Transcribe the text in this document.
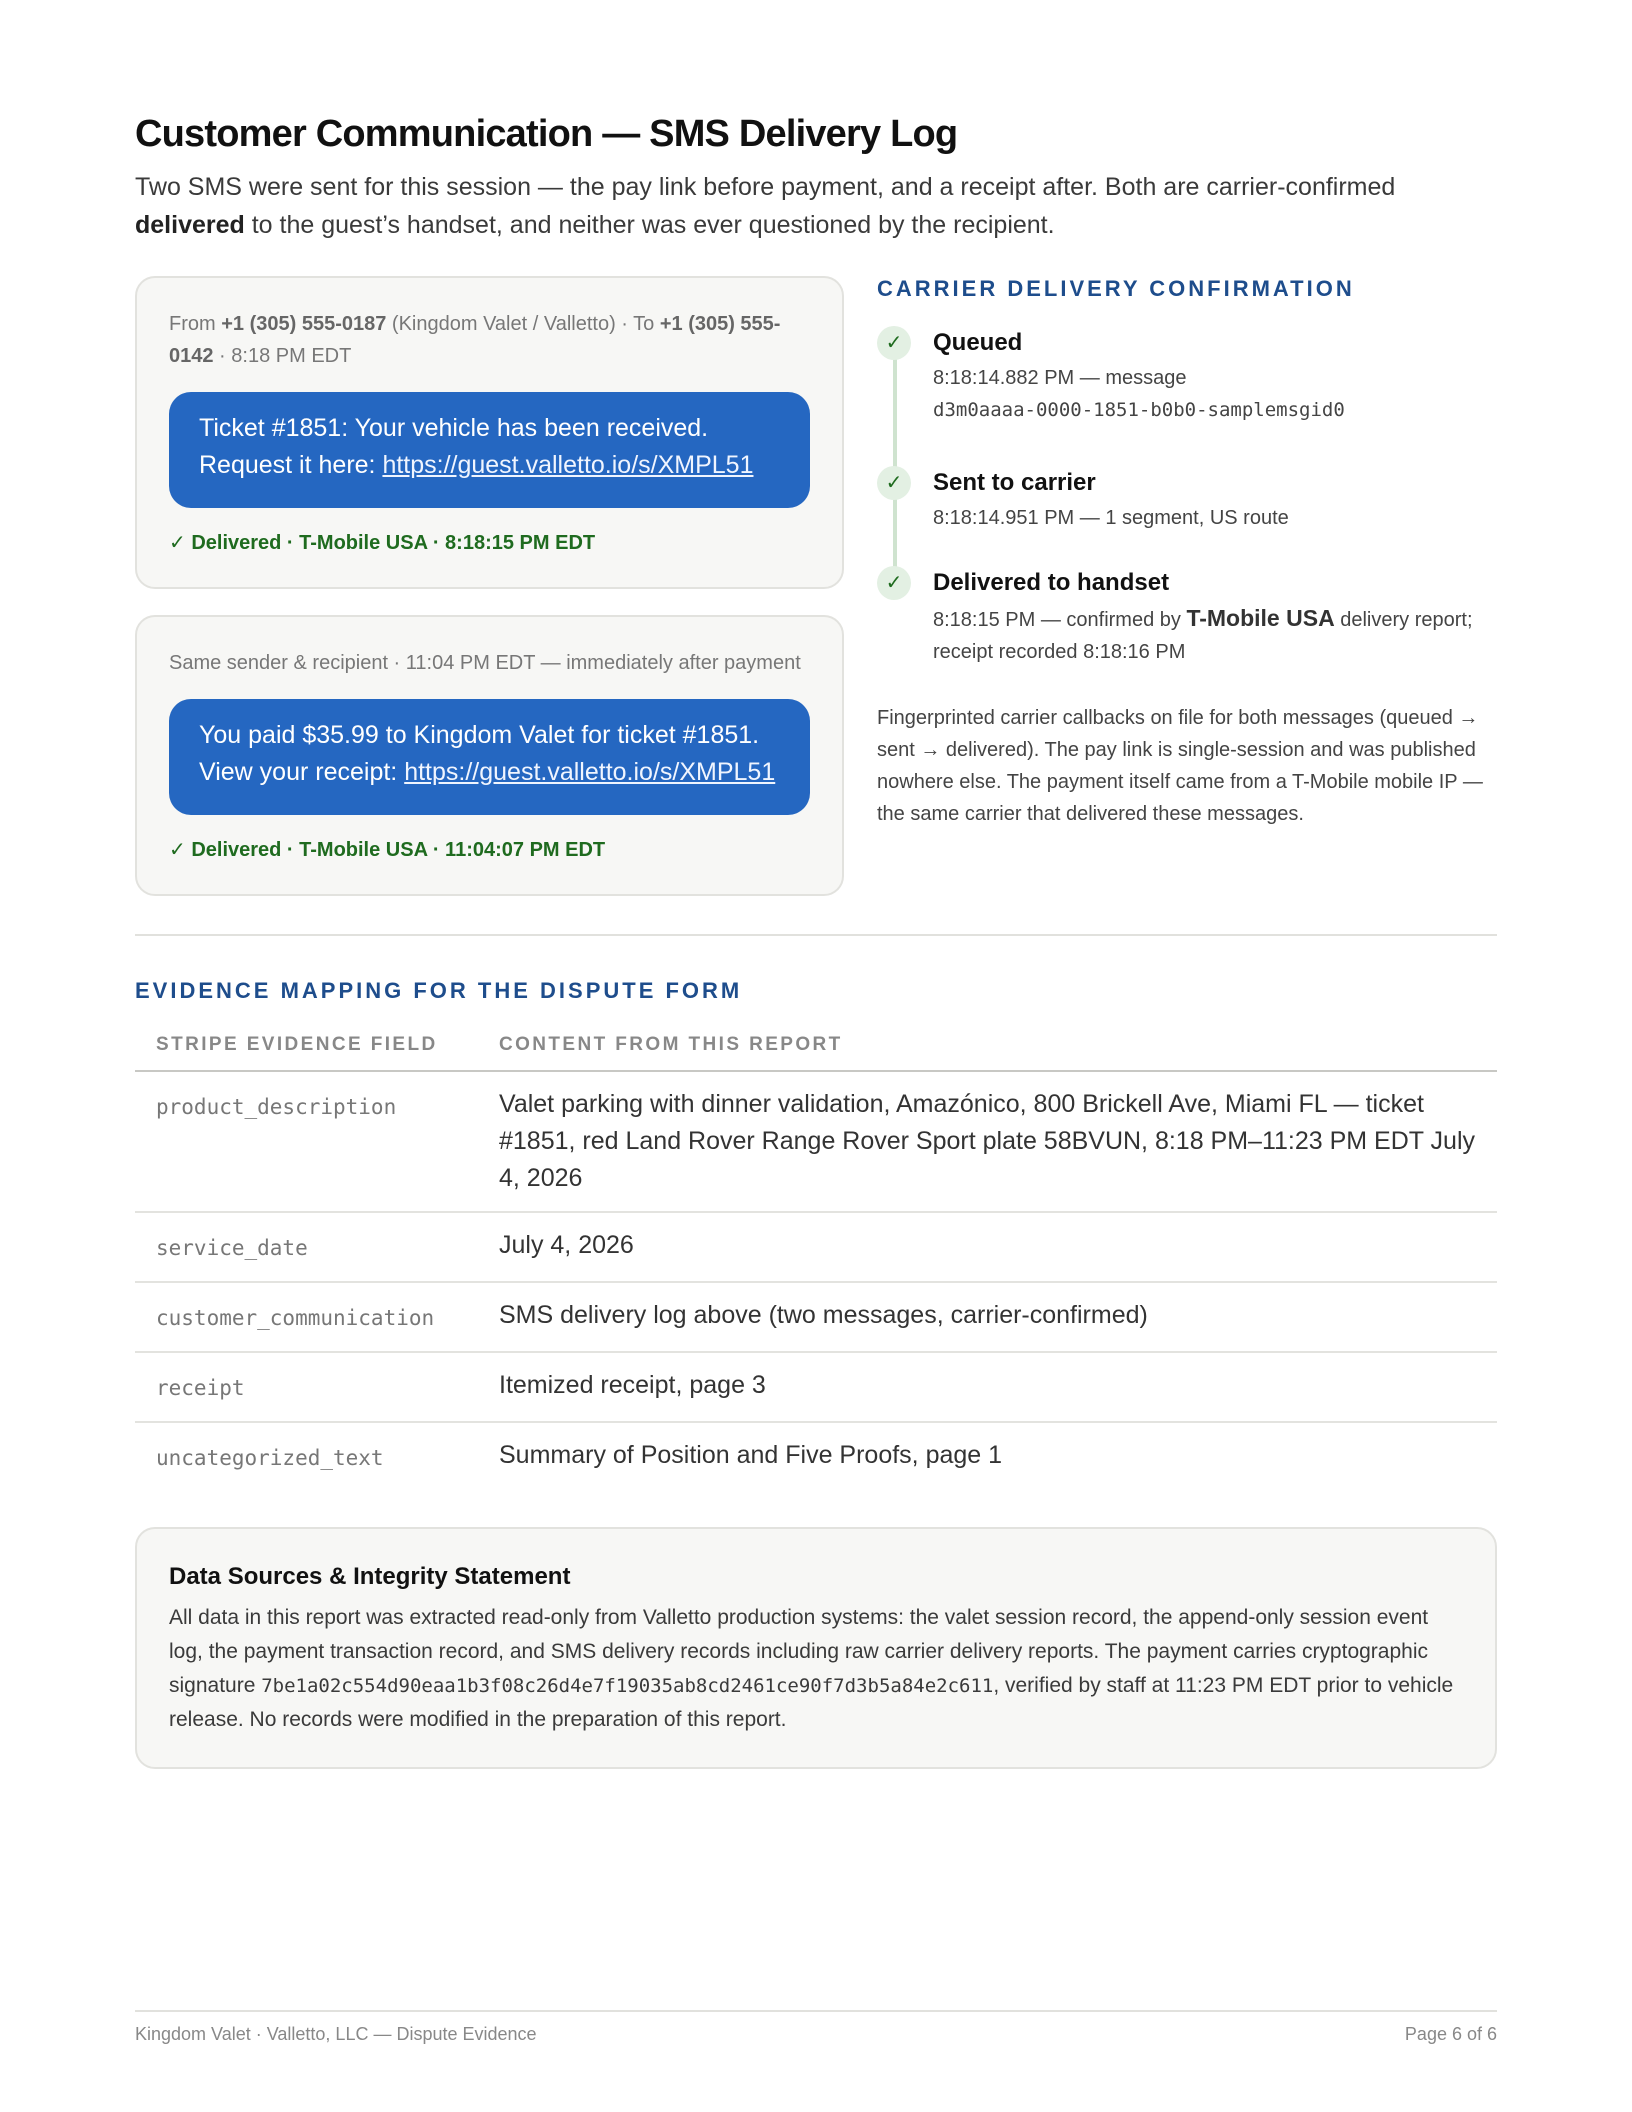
Customer Communication — SMS Delivery Log

Two SMS were sent for this session — the pay link before payment, and a receipt after. Both are carrier-confirmed delivered to the guest’s handset, and neither was ever questioned by the recipient.

From +1 (305) 555-0187 (Kingdom Valet / Valletto) · To +1 (305) 555-0142 · 8:18 PM EDT
Ticket #1851: Your vehicle has been received. Request it here: https://guest.valletto.io/s/XMPL51
✓ Delivered · T-Mobile USA · 8:18:15 PM EDT
Same sender & recipient · 11:04 PM EDT — immediately after payment
You paid $35.99 to Kingdom Valet for ticket #1851. View your receipt: https://guest.valletto.io/s/XMPL51
✓ Delivered · T-Mobile USA · 11:04:07 PM EDT
CARRIER DELIVERY CONFIRMATION
✓	Queued
8:18:14.882 PM — message
d3m0aaaa-0000-1851-b0b0-samplemsgid0
✓	Sent to carrier
8:18:14.951 PM — 1 segment, US route
✓	Delivered to handset
8:18:15 PM — confirmed by T-Mobile USA delivery report; receipt recorded 8:18:16 PM

Fingerprinted carrier callbacks on file for both messages (queued → sent → delivered). The pay link is single-session and was published nowhere else. The payment itself came from a T-Mobile mobile IP — the same carrier that delivered these messages.

EVIDENCE MAPPING FOR THE DISPUTE FORM
STRIPE EVIDENCE FIELD	CONTENT FROM THIS REPORT
product_description	Valet parking with dinner validation, Amazónico, 800 Brickell Ave, Miami FL — ticket #1851, red Land Rover Range Rover Sport plate 58BVUN, 8:18 PM–11:23 PM EDT July 4, 2026
service_date	July 4, 2026
customer_communication	SMS delivery log above (two messages, carrier-confirmed)
receipt	Itemized receipt, page 3
uncategorized_text	Summary of Position and Five Proofs, page 1
Data Sources & Integrity Statement

All data in this report was extracted read-only from Valletto production systems: the valet session record, the append-only session event log, the payment transaction record, and SMS delivery records including raw carrier delivery reports. The payment carries cryptographic signature 7be1a02c554d90eaa1b3f08c26d4e7f19035ab8cd2461ce90f7d3b5a84e2c611, verified by staff at 11:23 PM EDT prior to vehicle release. No records were modified in the preparation of this report.

Kingdom Valet · Valletto, LLC — Dispute Evidence	Page 6 of 6
